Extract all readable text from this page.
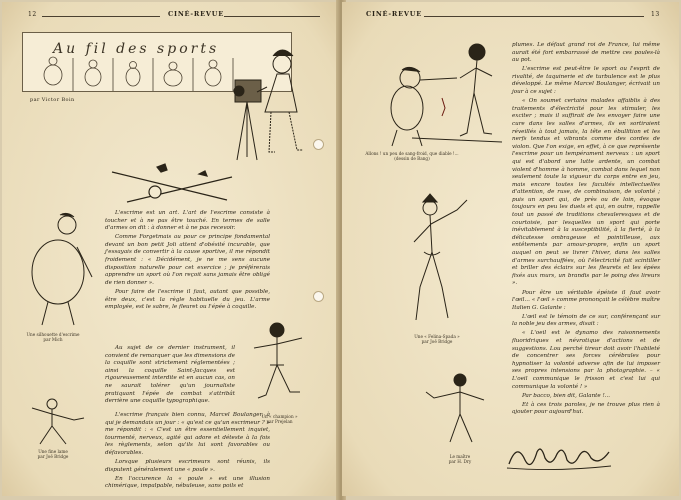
12	CINÉ-REVUE
Au fil des sports
par Victor Boin
Une silhouette d'escrime
par Mich
Une fine lame
par Joë Bridge

L'escrime est un art. L'art de l'escrime consiste à toucher et à ne pas être touché. En termes de salle d'armes on dit : à donner et à ne pas recevoir.

Comme Forgetmais au pour ce principe fondamental devant un bon petit Joli attent d'obésité incurable, que j'essayais de convertir à la cause sportive, il me répondit froidement : « Décidément, je ne me sens aucune disposition naturelle pour cet exercice ; je préférerais apprendre un sport où l'on reçoit sans jamais être obligé de rien donner ».

Pour faire de l'escrime il faut, autant que possible, être deux, c'est la règle habituelle du jeu. L'arme employée, est le sabre, le fleuret ou l'épée à coquille.

Au sujet de ce dernier instrument, il convient de remarquer que les dimensions de la coquille sont strictement réglementées ; ainsi la coquille Saint-Jacques est rigoureusement interdite et en aucun cas, on ne saurait tolérer qu'un journaliste pratiquant l'épée de combat s'attribât derrière une coquille typographique.

L'escrime français bien connu, Marcel Boulanger, à qui je demandais un jour : « qu'est ce qu'un escrimeur ? » me répondit : « C'est un être essentiellement inquiet, tourmenté, nerveux, agité qui adore et déteste à la fois les règlements, selon qu'ils lui sont favorables ou défavorables.

Lorsque plusieurs escrimeurs sont réunis, ils disputent généralement une « poule ».

En l'occurence la « poule » est une illusion chimérique, impalpable, nébuleuse, sans poils et

Un « champion »
par Prejelan
CINÉ-REVUE	13
Allons ! un peu de sang-froid, que diable !...
(dessin de Bang)
Une « Felina-Spada »
par Joë Bridge
Le maître
par H. Dry

plumes. Le défaut grand roi de France, lui même aurait été fort embarrassé de mettre ces poules-là au pot.

L'escrime est peut-être le sport ou l'esprit de rivalité, de taquinerie et de turbulence est le plus développé. Le même Marcel Boulanger, écrivait un jour à ce sujet :

« On soumet certains malades affaiblis à des traitements d'électricité pour les stimuler, les exciter ; mais il suffirait de les envoyer faire une cure dans les salles d'armes, ils en sortiraient réveillés à tout jamais, la tête en ébullition et les nerfs tendus et vibrants comme des cordes de violon. Que l'on exige, en effet, à ce que représente l'escrime pour un tempérament nerveux : un sport qui est d'abord une lutte ardente, un combat violent d'homme à homme, combat dans lequel non seulement toute la vigueur du corps entre en jeu, mais encore toutes les facultés intellectuelles d'attention, de ruse, de combinaison, de volonté ; puis un sport qui, de près ou de loin, évoque toujours en peu les duels et qui, en outre, rappelle tout un passé de traditions chevaleresques et de courtoisie, par lesquelles un sport qui porte inévitablement à la susceptibilité, à la fierté, à la délicatesse ombrageuse et pointilleuse, aux entêtements par amour-propre, enfin un sport auquel on peut se livrer l'hiver, dans les salles d'armes surchauffées, où l'électricité fait scintiller et briller des éclairs sur les fleurets et les épées fixés aux murs, un brandis par le poing des lireurs ».

Pour être un véritable épéiste il faut avoir l'œil… « l'œil » comme prononçait le célèbre maître Italien G. Galante :

L'œil est le témoin de ce sur, conférençant sur la noble jeu des armes, disait :

« L'oeil est le dynamo des raisonnements fluoridriques et névrotique d'actions et de suggestions. Lou perché tireur doit avoir l'habileté de concentrer ses forces cérébrales pour hypnotiser la volonté adverse afin de lui imposer ses propres intensions par la photographie. – « L'oeil communique le frisson et c'est lui qui communique la volonté ! »

Par bacco, bien dit, Galante !...

Et à ces trois paroles, je ne trouve plus rien à ajouter pour aujourd'hui.
